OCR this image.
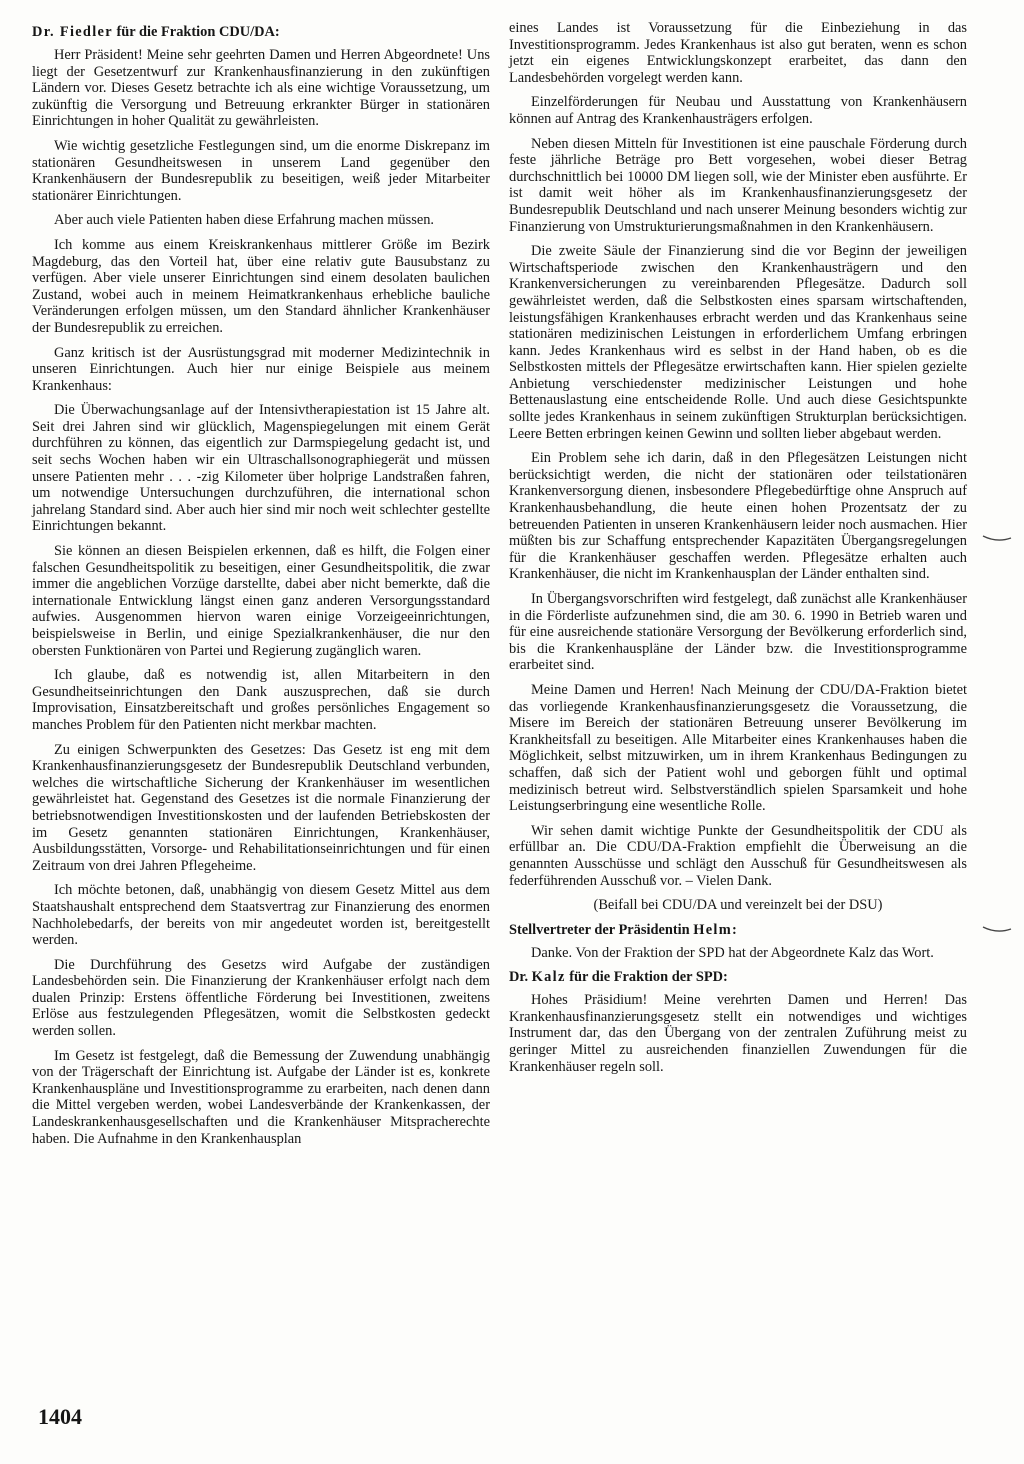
Dr. Fiedler für die Fraktion CDU/DA:

Herr Präsident! Meine sehr geehrten Damen und Herren Abgeordnete! Uns liegt der Gesetzentwurf zur Krankenhausfinanzierung in den zukünftigen Ländern vor. Dieses Gesetz betrachte ich als eine wichtige Voraussetzung, um zukünftig die Versorgung und Betreuung erkrankter Bürger in stationären Einrichtungen in hoher Qualität zu gewährleisten.

Wie wichtig gesetzliche Festlegungen sind, um die enorme Diskrepanz im stationären Gesundheitswesen in unserem Land gegenüber den Krankenhäusern der Bundesrepublik zu beseitigen, weiß jeder Mitarbeiter stationärer Einrichtungen.

Aber auch viele Patienten haben diese Erfahrung machen müssen.

Ich komme aus einem Kreiskrankenhaus mittlerer Größe im Bezirk Magdeburg, das den Vorteil hat, über eine relativ gute Bausubstanz zu verfügen. Aber viele unserer Einrichtungen sind einem desolaten baulichen Zustand, wobei auch in meinem Heimatkrankenhaus erhebliche bauliche Veränderungen erfolgen müssen, um den Standard ähnlicher Krankenhäuser der Bundesrepublik zu erreichen.

Ganz kritisch ist der Ausrüstungsgrad mit moderner Medizintechnik in unseren Einrichtungen. Auch hier nur einige Beispiele aus meinem Krankenhaus:

Die Überwachungsanlage auf der Intensivtherapiestation ist 15 Jahre alt. Seit drei Jahren sind wir glücklich, Magenspiegelungen mit einem Gerät durchführen zu können, das eigentlich zur Darmspiegelung gedacht ist, und seit sechs Wochen haben wir ein Ultraschallsonographiegerät und müssen unsere Patienten mehr . . . -zig Kilometer über holprige Landstraßen fahren, um notwendige Untersuchungen durchzuführen, die international schon jahrelang Standard sind. Aber auch hier sind mir noch weit schlechter gestellte Einrichtungen bekannt.

Sie können an diesen Beispielen erkennen, daß es hilft, die Folgen einer falschen Gesundheitspolitik zu beseitigen, einer Gesundheitspolitik, die zwar immer die angeblichen Vorzüge darstellte, dabei aber nicht bemerkte, daß die internationale Entwicklung längst einen ganz anderen Versorgungsstandard aufwies. Ausgenommen hiervon waren einige Vorzeigeeinrichtungen, beispielsweise in Berlin, und einige Spezialkrankenhäuser, die nur den obersten Funktionären von Partei und Regierung zugänglich waren.

Ich glaube, daß es notwendig ist, allen Mitarbeitern in den Gesundheitseinrichtungen den Dank auszusprechen, daß sie durch Improvisation, Einsatzbereitschaft und großes persönliches Engagement so manches Problem für den Patienten nicht merkbar machten.

Zu einigen Schwerpunkten des Gesetzes: Das Gesetz ist eng mit dem Krankenhausfinanzierungsgesetz der Bundesrepublik Deutschland verbunden, welches die wirtschaftliche Sicherung der Krankenhäuser im wesentlichen gewährleistet hat. Gegenstand des Gesetzes ist die normale Finanzierung der betriebsnotwendigen Investitionskosten und der laufenden Betriebskosten der im Gesetz genannten stationären Einrichtungen, Krankenhäuser, Ausbildungsstätten, Vorsorge- und Rehabilitationseinrichtungen und für einen Zeitraum von drei Jahren Pflegeheime.

Ich möchte betonen, daß, unabhängig von diesem Gesetz Mittel aus dem Staatshaushalt entsprechend dem Staatsvertrag zur Finanzierung des enormen Nachholebedarfs, der bereits von mir angedeutet worden ist, bereitgestellt werden.

Die Durchführung des Gesetzs wird Aufgabe der zuständigen Landesbehörden sein. Die Finanzierung der Krankenhäuser erfolgt nach dem dualen Prinzip: Erstens öffentliche Förderung bei Investitionen, zweitens Erlöse aus festzulegenden Pflegesätzen, womit die Selbstkosten gedeckt werden sollen.

Im Gesetz ist festgelegt, daß die Bemessung der Zuwendung unabhängig von der Trägerschaft der Einrichtung ist. Aufgabe der Länder ist es, konkrete Krankenhauspläne und Investitionsprogramme zu erarbeiten, nach denen dann die Mittel vergeben werden, wobei Landesverbände der Krankenkassen, der Landeskrankenhausgesellschaften und die Krankenhäuser Mitspracherechte haben. Die Aufnahme in den Krankenhausplan

eines Landes ist Voraussetzung für die Einbeziehung in das Investitionsprogramm. Jedes Krankenhaus ist also gut beraten, wenn es schon jetzt ein eigenes Entwicklungskonzept erarbeitet, das dann den Landesbehörden vorgelegt werden kann.

Einzelförderungen für Neubau und Ausstattung von Krankenhäusern können auf Antrag des Krankenhausträgers erfolgen.

Neben diesen Mitteln für Investitionen ist eine pauschale Förderung durch feste jährliche Beträge pro Bett vorgesehen, wobei dieser Betrag durchschnittlich bei 10000 DM liegen soll, wie der Minister eben ausführte. Er ist damit weit höher als im Krankenhausfinanzierungsgesetz der Bundesrepublik Deutschland und nach unserer Meinung besonders wichtig zur Finanzierung von Umstrukturierungsmaßnahmen in den Krankenhäusern.

Die zweite Säule der Finanzierung sind die vor Beginn der jeweiligen Wirtschaftsperiode zwischen den Krankenhausträgern und den Krankenversicherungen zu vereinbarenden Pflegesätze. Dadurch soll gewährleistet werden, daß die Selbstkosten eines sparsam wirtschaftenden, leistungsfähigen Krankenhauses erbracht werden und das Krankenhaus seine stationären medizinischen Leistungen in erforderlichem Umfang erbringen kann. Jedes Krankenhaus wird es selbst in der Hand haben, ob es die Selbstkosten mittels der Pflegesätze erwirtschaften kann. Hier spielen gezielte Anbietung verschiedenster medizinischer Leistungen und hohe Bettenauslastung eine entscheidende Rolle. Und auch diese Gesichtspunkte sollte jedes Krankenhaus in seinem zukünftigen Strukturplan berücksichtigen. Leere Betten erbringen keinen Gewinn und sollten lieber abgebaut werden.

Ein Problem sehe ich darin, daß in den Pflegesätzen Leistungen nicht berücksichtigt werden, die nicht der stationären oder teilstationären Krankenversorgung dienen, insbesondere Pflegebedürftige ohne Anspruch auf Krankenhausbehandlung, die heute einen hohen Prozentsatz der zu betreuenden Patienten in unseren Krankenhäusern leider noch ausmachen. Hier müßten bis zur Schaffung entsprechender Kapazitäten Übergangsregelungen für die Krankenhäuser geschaffen werden. Pflegesätze erhalten auch Krankenhäuser, die nicht im Krankenhausplan der Länder enthalten sind.

In Übergangsvorschriften wird festgelegt, daß zunächst alle Krankenhäuser in die Förderliste aufzunehmen sind, die am 30. 6. 1990 in Betrieb waren und für eine ausreichende stationäre Versorgung der Bevölkerung erforderlich sind, bis die Krankenhauspläne der Länder bzw. die Investitionsprogramme erarbeitet sind.

Meine Damen und Herren! Nach Meinung der CDU/DA-Fraktion bietet das vorliegende Krankenhausfinanzierungsgesetz die Voraussetzung, die Misere im Bereich der stationären Betreuung unserer Bevölkerung im Krankheitsfall zu beseitigen. Alle Mitarbeiter eines Krankenhauses haben die Möglichkeit, selbst mitzuwirken, um in ihrem Krankenhaus Bedingungen zu schaffen, daß sich der Patient wohl und geborgen fühlt und optimal medizinisch betreut wird. Selbstverständlich spielen Sparsamkeit und hohe Leistungserbringung eine wesentliche Rolle.

Wir sehen damit wichtige Punkte der Gesundheitspolitik der CDU als erfüllbar an. Die CDU/DA-Fraktion empfiehlt die Überweisung an die genannten Ausschüsse und schlägt den Ausschuß für Gesundheitswesen als federführenden Ausschuß vor. – Vielen Dank.

(Beifall bei CDU/DA und vereinzelt bei der DSU)

Stellvertreter der Präsidentin Helm:

Danke. Von der Fraktion der SPD hat der Abgeordnete Kalz das Wort.

Dr. Kalz für die Fraktion der SPD:

Hohes Präsidium! Meine verehrten Damen und Herren! Das Krankenhausfinanzierungsgesetz stellt ein notwendiges und wichtiges Instrument dar, das den Übergang von der zentralen Zuführung meist zu geringer Mittel zu ausreichenden finanziellen Zuwendungen für die Krankenhäuser regeln soll.

1404
